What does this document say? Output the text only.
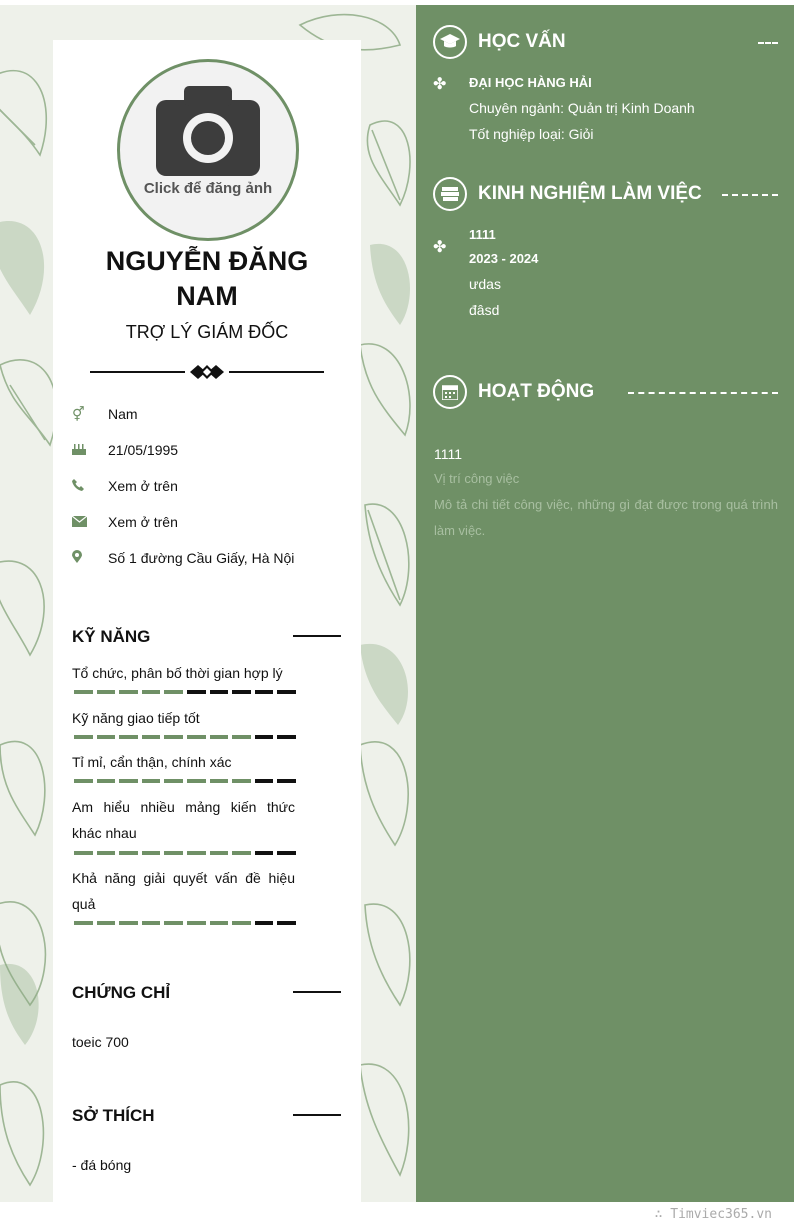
Click để đăng ảnh
NGUYỄN ĐĂNG
NAM
TRỢ LÝ GIÁM ĐỐC
⚥	Nam
21/05/1995
Xem ở trên
Xem ở trên
Số 1 đường Cầu Giấy, Hà Nội
KỸ NĂNG
Tổ chức, phân bố thời gian hợp lý
Kỹ năng giao tiếp tốt
Tỉ mỉ, cẩn thận, chính xác
Am hiểu nhiều mảng kiến thức khác nhau
Khả năng giải quyết vấn đề hiệu quả
CHỨNG CHỈ
toeic 700
SỞ THÍCH
- đá bóng
HỌC VẤN
✤ ĐẠI HỌC HÀNG HẢI
Chuyên ngành: Quản trị Kinh Doanh
Tốt nghiệp loại: Giỏi
KINH NGHIỆM LÀM VIỆC
✤
1111
2023 - 2024
ưdas
đâsd
HOẠT ĐỘNG
1111
Vị trí công việc
Mô tả chi tiết công việc, những gì đạt được trong quá trình làm việc.
∴ Timviec365.vn
